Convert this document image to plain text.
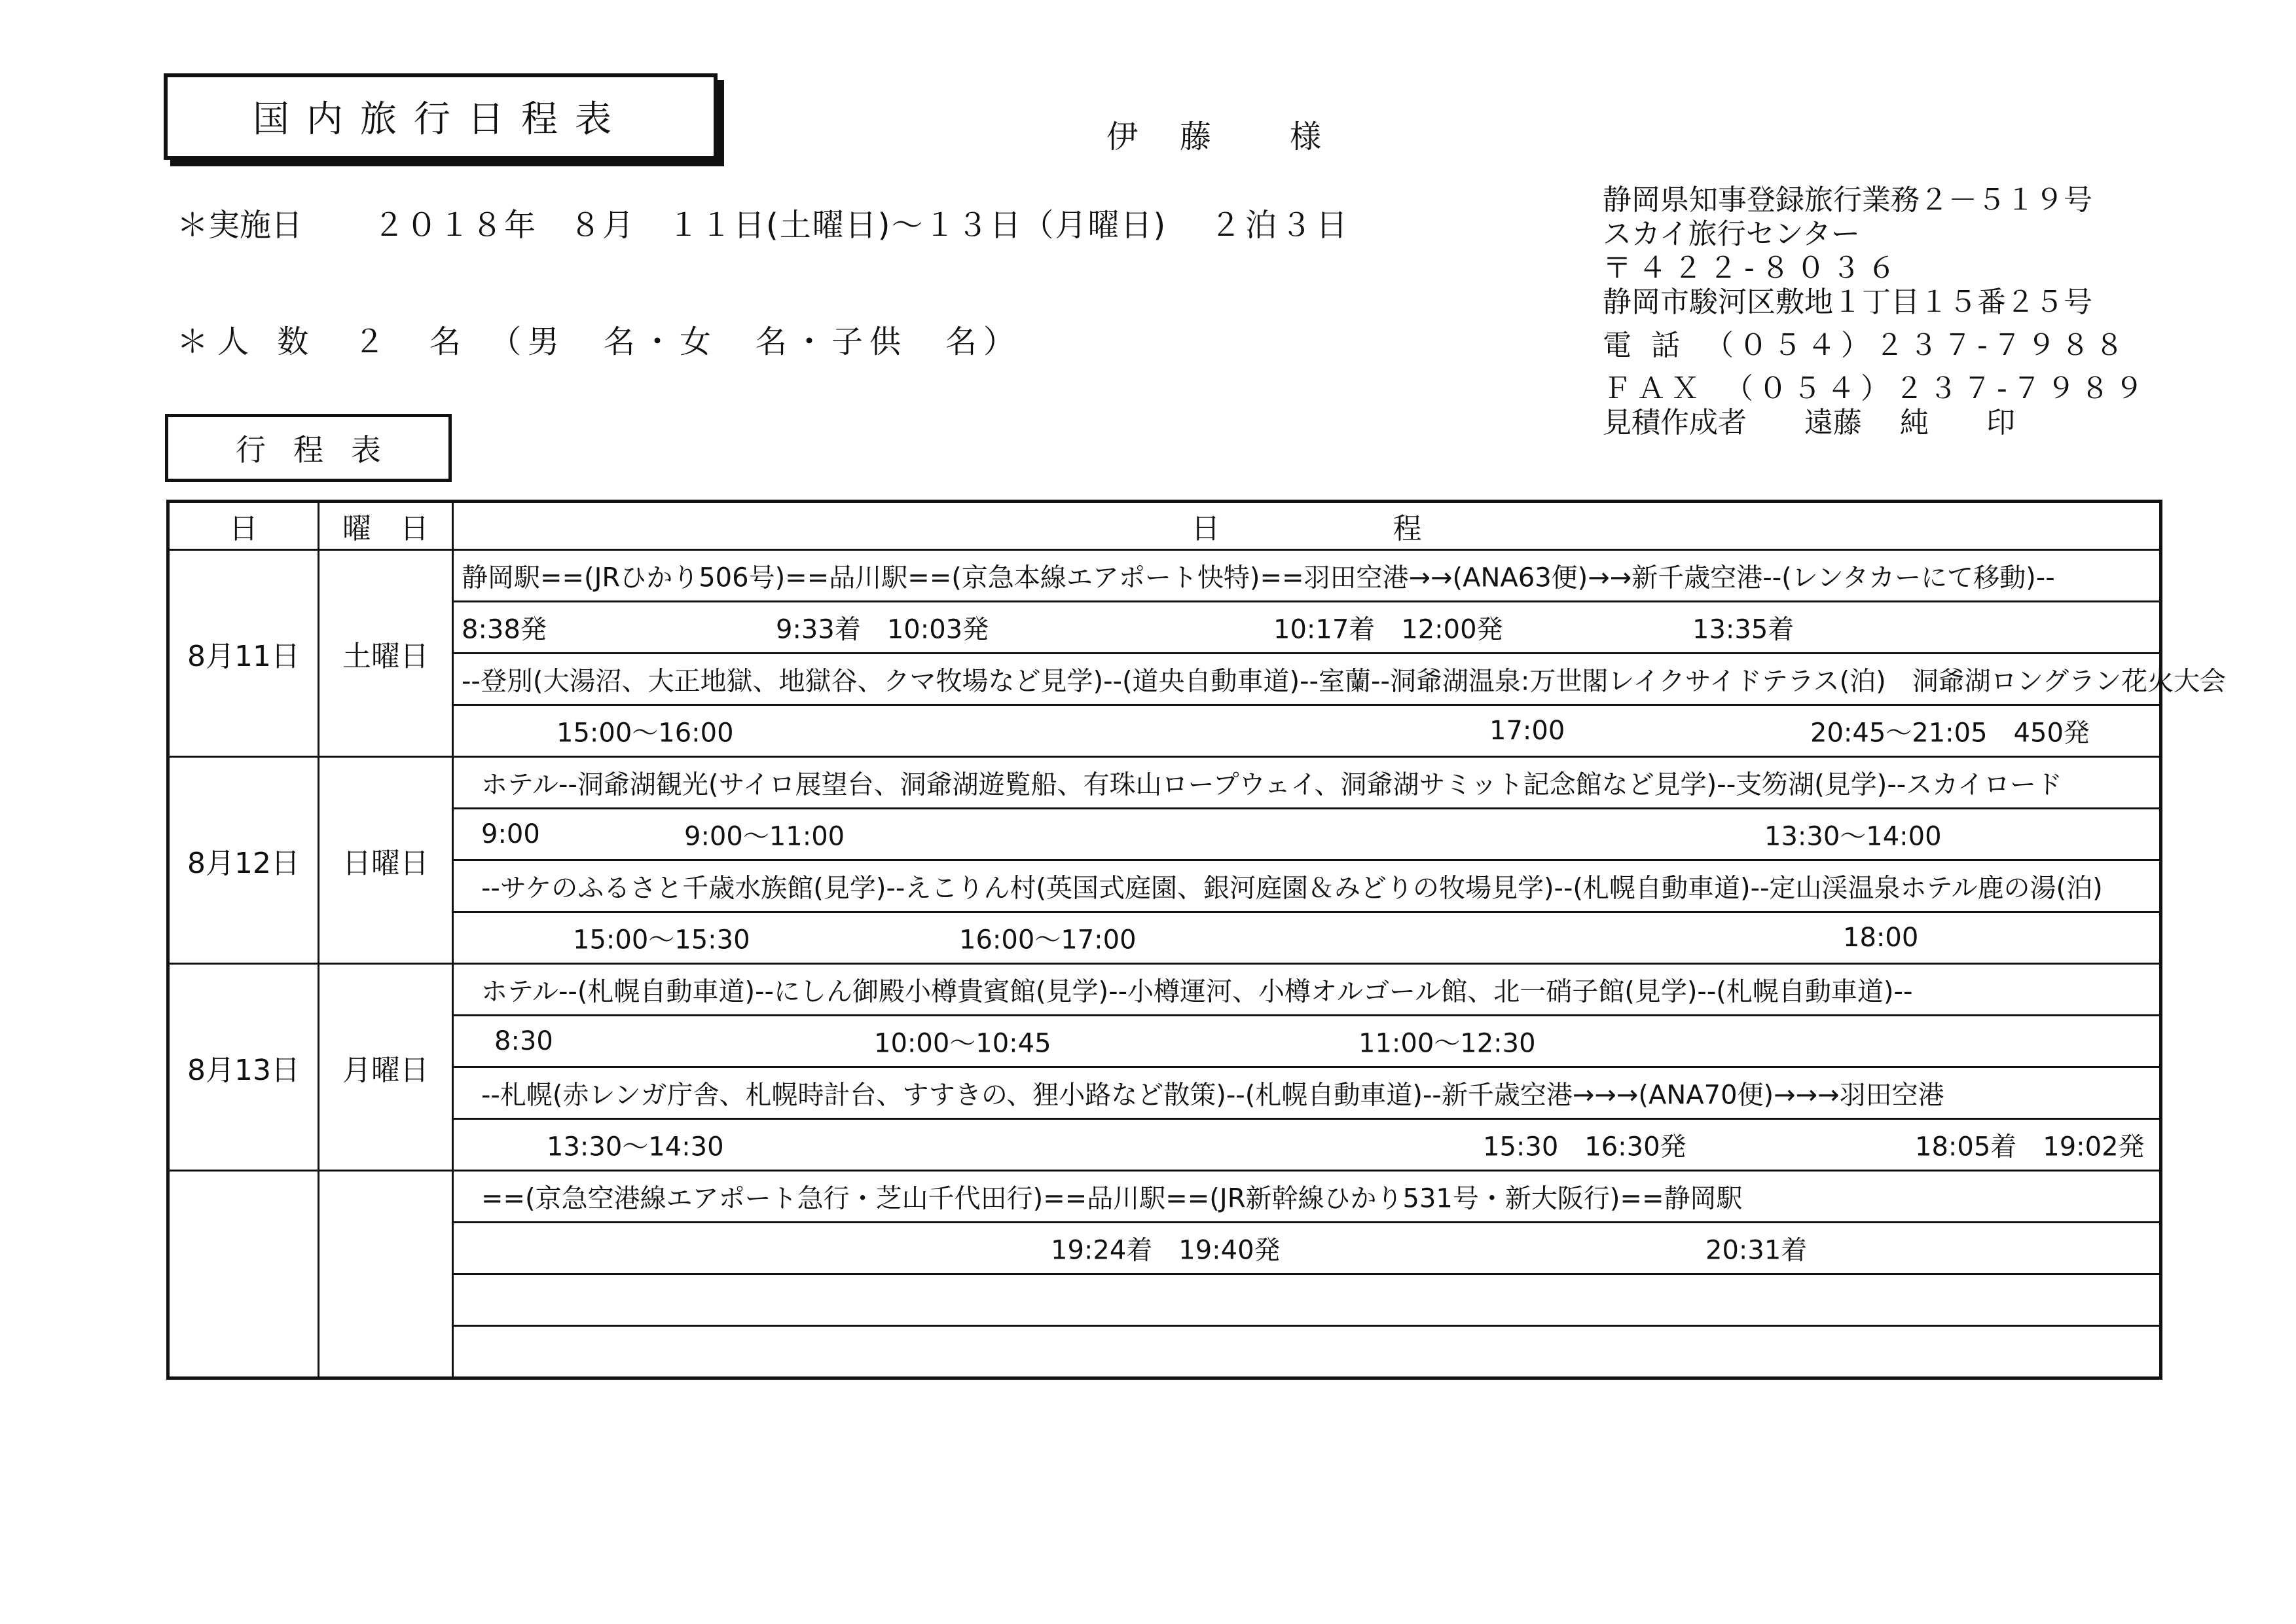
国内旅行日程表	伊　藤　　様
＊実施日 ２０１８年　８月　１１日(土曜日)～１３日（月曜日) ２泊３日
＊人 数 ２　名　（男　名・女　名・子供　名）
静岡県知事登録旅行業務２－５１９号
スカイ旅行センター
〒４２２-８０３６
静岡市駿河区敷地１丁目１５番２５号
電 話　（０５４）２３７-７９８８
ＦＡＸ　（０５４）２３７-７９８９
見積作成者　　遠藤　 純　　印
行程表
日	曜　日	日　　　　　　程
8月11日	土曜日	静岡駅==(JRひかり506号)==品川駅==(京急本線エアポート快特)==羽田空港→→(ANA63便)→→新千歳空港--(レンタカーにて移動)--

		8:38発 9:33着　10:03発 10:17着　12:00発 13:35着

		--登別(大湯沼、大正地獄、地獄谷、クマ牧場など見学)--(道央自動車道)--室蘭--洞爺湖温泉:万世閣レイクサイドテラス(泊)　洞爺湖ロングラン花火大会

		15:00～16:00 17:00 20:45～21:05　450発

8月12日	日曜日	ホテル--洞爺湖観光(サイロ展望台、洞爺湖遊覧船、有珠山ロープウェイ、洞爺湖サミット記念館など見学)--支笏湖(見学)--スカイロード

		9:00 9:00～11:00 13:30～14:00

		--サケのふるさと千歳水族館(見学)--えこりん村(英国式庭園、銀河庭園＆みどりの牧場見学)--(札幌自動車道)--定山渓温泉ホテル鹿の湯(泊)

		15:00～15:30 16:00～17:00 18:00

8月13日	月曜日	ホテル--(札幌自動車道)--にしん御殿小樽貴賓館(見学)--小樽運河、小樽オルゴール館、北一硝子館(見学)--(札幌自動車道)--

		8:30 10:00～10:45 11:00～12:30

		--札幌(赤レンガ庁舎、札幌時計台、すすきの、狸小路など散策)--(札幌自動車道)--新千歳空港→→→(ANA70便)→→→羽田空港

		13:30～14:30 15:30　16:30発 18:05着　19:02発

		==(京急空港線エアポート急行・芝山千代田行)==品川駅==(JR新幹線ひかり531号・新大阪行)==静岡駅

		19:24着　19:40発 20:31着
